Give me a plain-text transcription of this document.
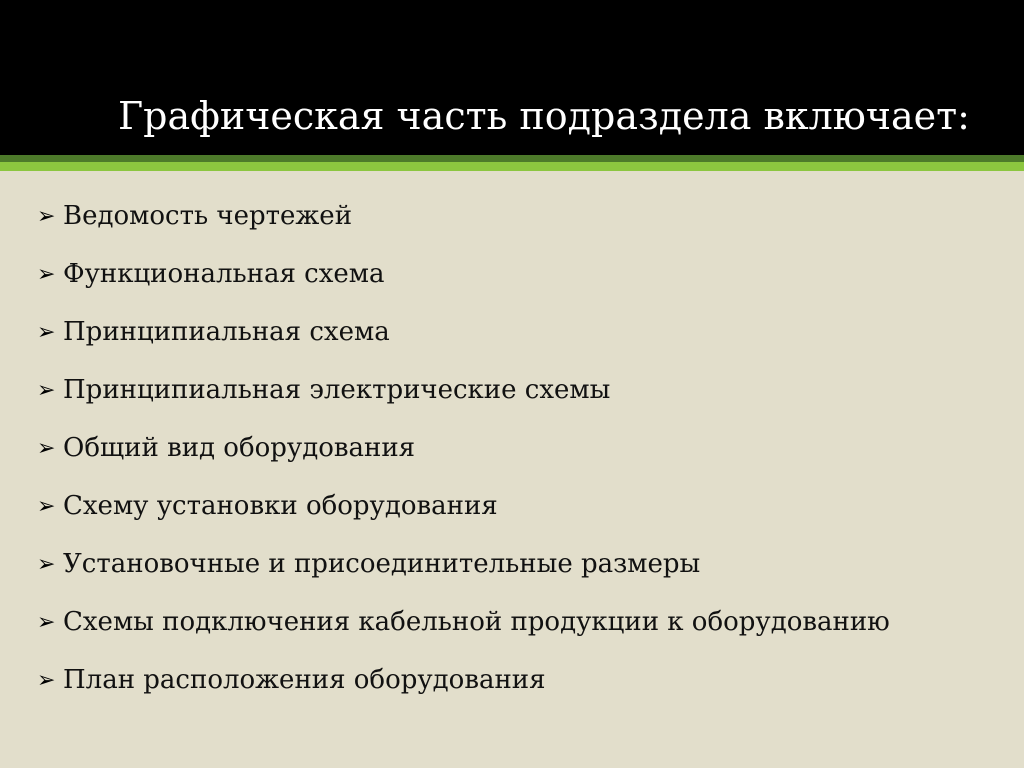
Графическая часть подраздела включает:
➢ Ведомость чертежей
➢ Функциональная схема
➢ Принципиальная схема
➢ Принципиальная электрические схемы
➢ Общий вид оборудования
➢ Схему установки оборудования
➢ Установочные и присоединительные размеры
➢ Схемы подключения кабельной продукции к оборудованию
➢ План расположения оборудования
